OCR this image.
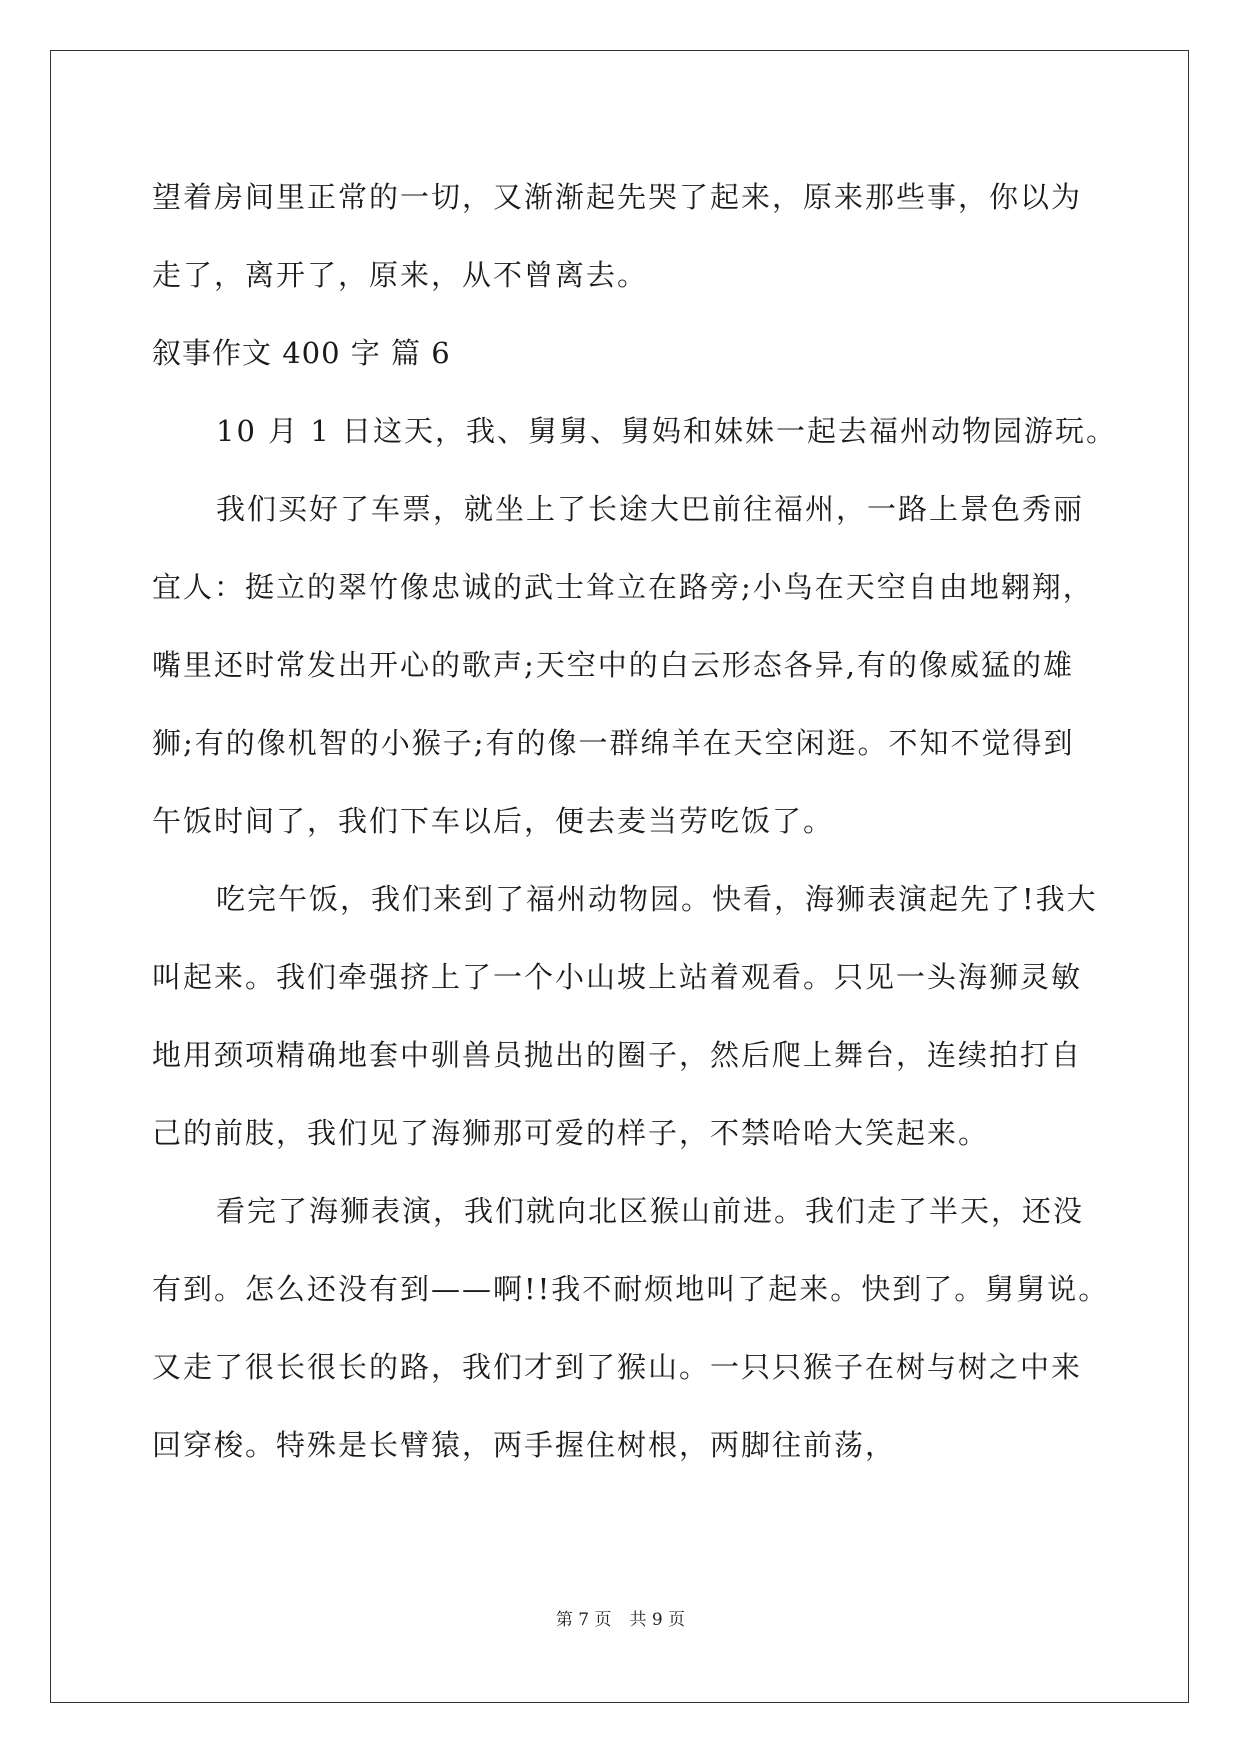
望着房间里正常的一切，又渐渐起先哭了起来，原来那些事，你以为
走了，离开了，原来，从不曾离去。
叙事作文 400 字 篇 6
10 月 1 日这天，我、舅舅、舅妈和妹妹一起去福州动物园游玩。
我们买好了车票，就坐上了长途大巴前往福州，一路上景色秀丽
宜人：挺立的翠竹像忠诚的武士耸立在路旁;小鸟在天空自由地翱翔，
嘴里还时常发出开心的歌声;天空中的白云形态各异,有的像威猛的雄
狮;有的像机智的小猴子;有的像一群绵羊在天空闲逛。不知不觉得到
午饭时间了，我们下车以后，便去麦当劳吃饭了。
吃完午饭，我们来到了福州动物园。快看，海狮表演起先了!我大
叫起来。我们牵强挤上了一个小山坡上站着观看。只见一头海狮灵敏
地用颈项精确地套中驯兽员抛出的圈子，然后爬上舞台，连续拍打自
己的前肢，我们见了海狮那可爱的样子，不禁哈哈大笑起来。
看完了海狮表演，我们就向北区猴山前进。我们走了半天，还没
有到。怎么还没有到——啊!!我不耐烦地叫了起来。快到了。舅舅说。
又走了很长很长的路，我们才到了猴山。一只只猴子在树与树之中来
回穿梭。特殊是长臂猿，两手握住树根，两脚往前荡，
第 7 页 共 9 页
